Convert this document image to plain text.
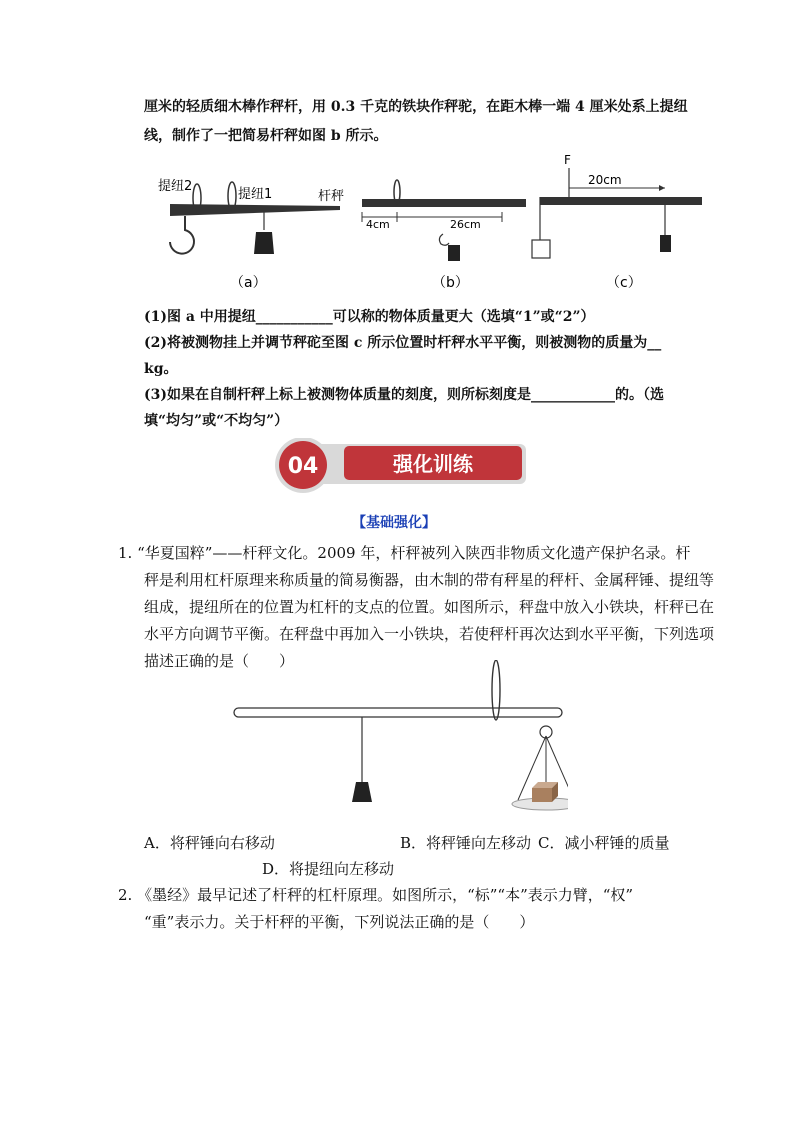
厘米的轻质细木棒作秤杆，用 0.3 千克的铁块作秤驼，在距木棒一端 4 厘米处系上提纽
线，制作了一把简易杆秤如图 b 所示。
提纽2
提纽1	杆秤
（a）
4cm	26cm
（b）
F
20cm
（c）
(1)图 a 中用提纽___________可以称的物体质量更大（选填“1”或“2”）
(2)将被测物挂上并调节秤砣至图 c 所示位置时杆秤水平平衡，则被测物的质量为__
kg。
(3)如果在自制杆秤上标上被测物体质量的刻度，则所标刻度是____________的。（选
填“均匀”或“不均匀”）
04	强化训练
【基础强化】
1. “华夏国粹”——杆秤文化。2009 年，杆秤被列入陕西非物质文化遗产保护名录。杆
秤是利用杠杆原理来称质量的简易衡器，由木制的带有秤星的秤杆、金属秤锤、提纽等
组成，提纽所在的位置为杠杆的支点的位置。如图所示，秤盘中放入小铁块，杆秤已在
水平方向调节平衡。在秤盘中再加入一小铁块，若使秤杆再次达到水平平衡，下列选项
描述正确的是（　　）
A．将秤锤向右移动	B．将秤锤向左移动 C．减小秤锤的质量
D．将提纽向左移动
2. 《墨经》最早记述了杆秤的杠杆原理。如图所示，“标”“本”表示力臂，“权”
“重”表示力。关于杆秤的平衡，下列说法正确的是（　　）
